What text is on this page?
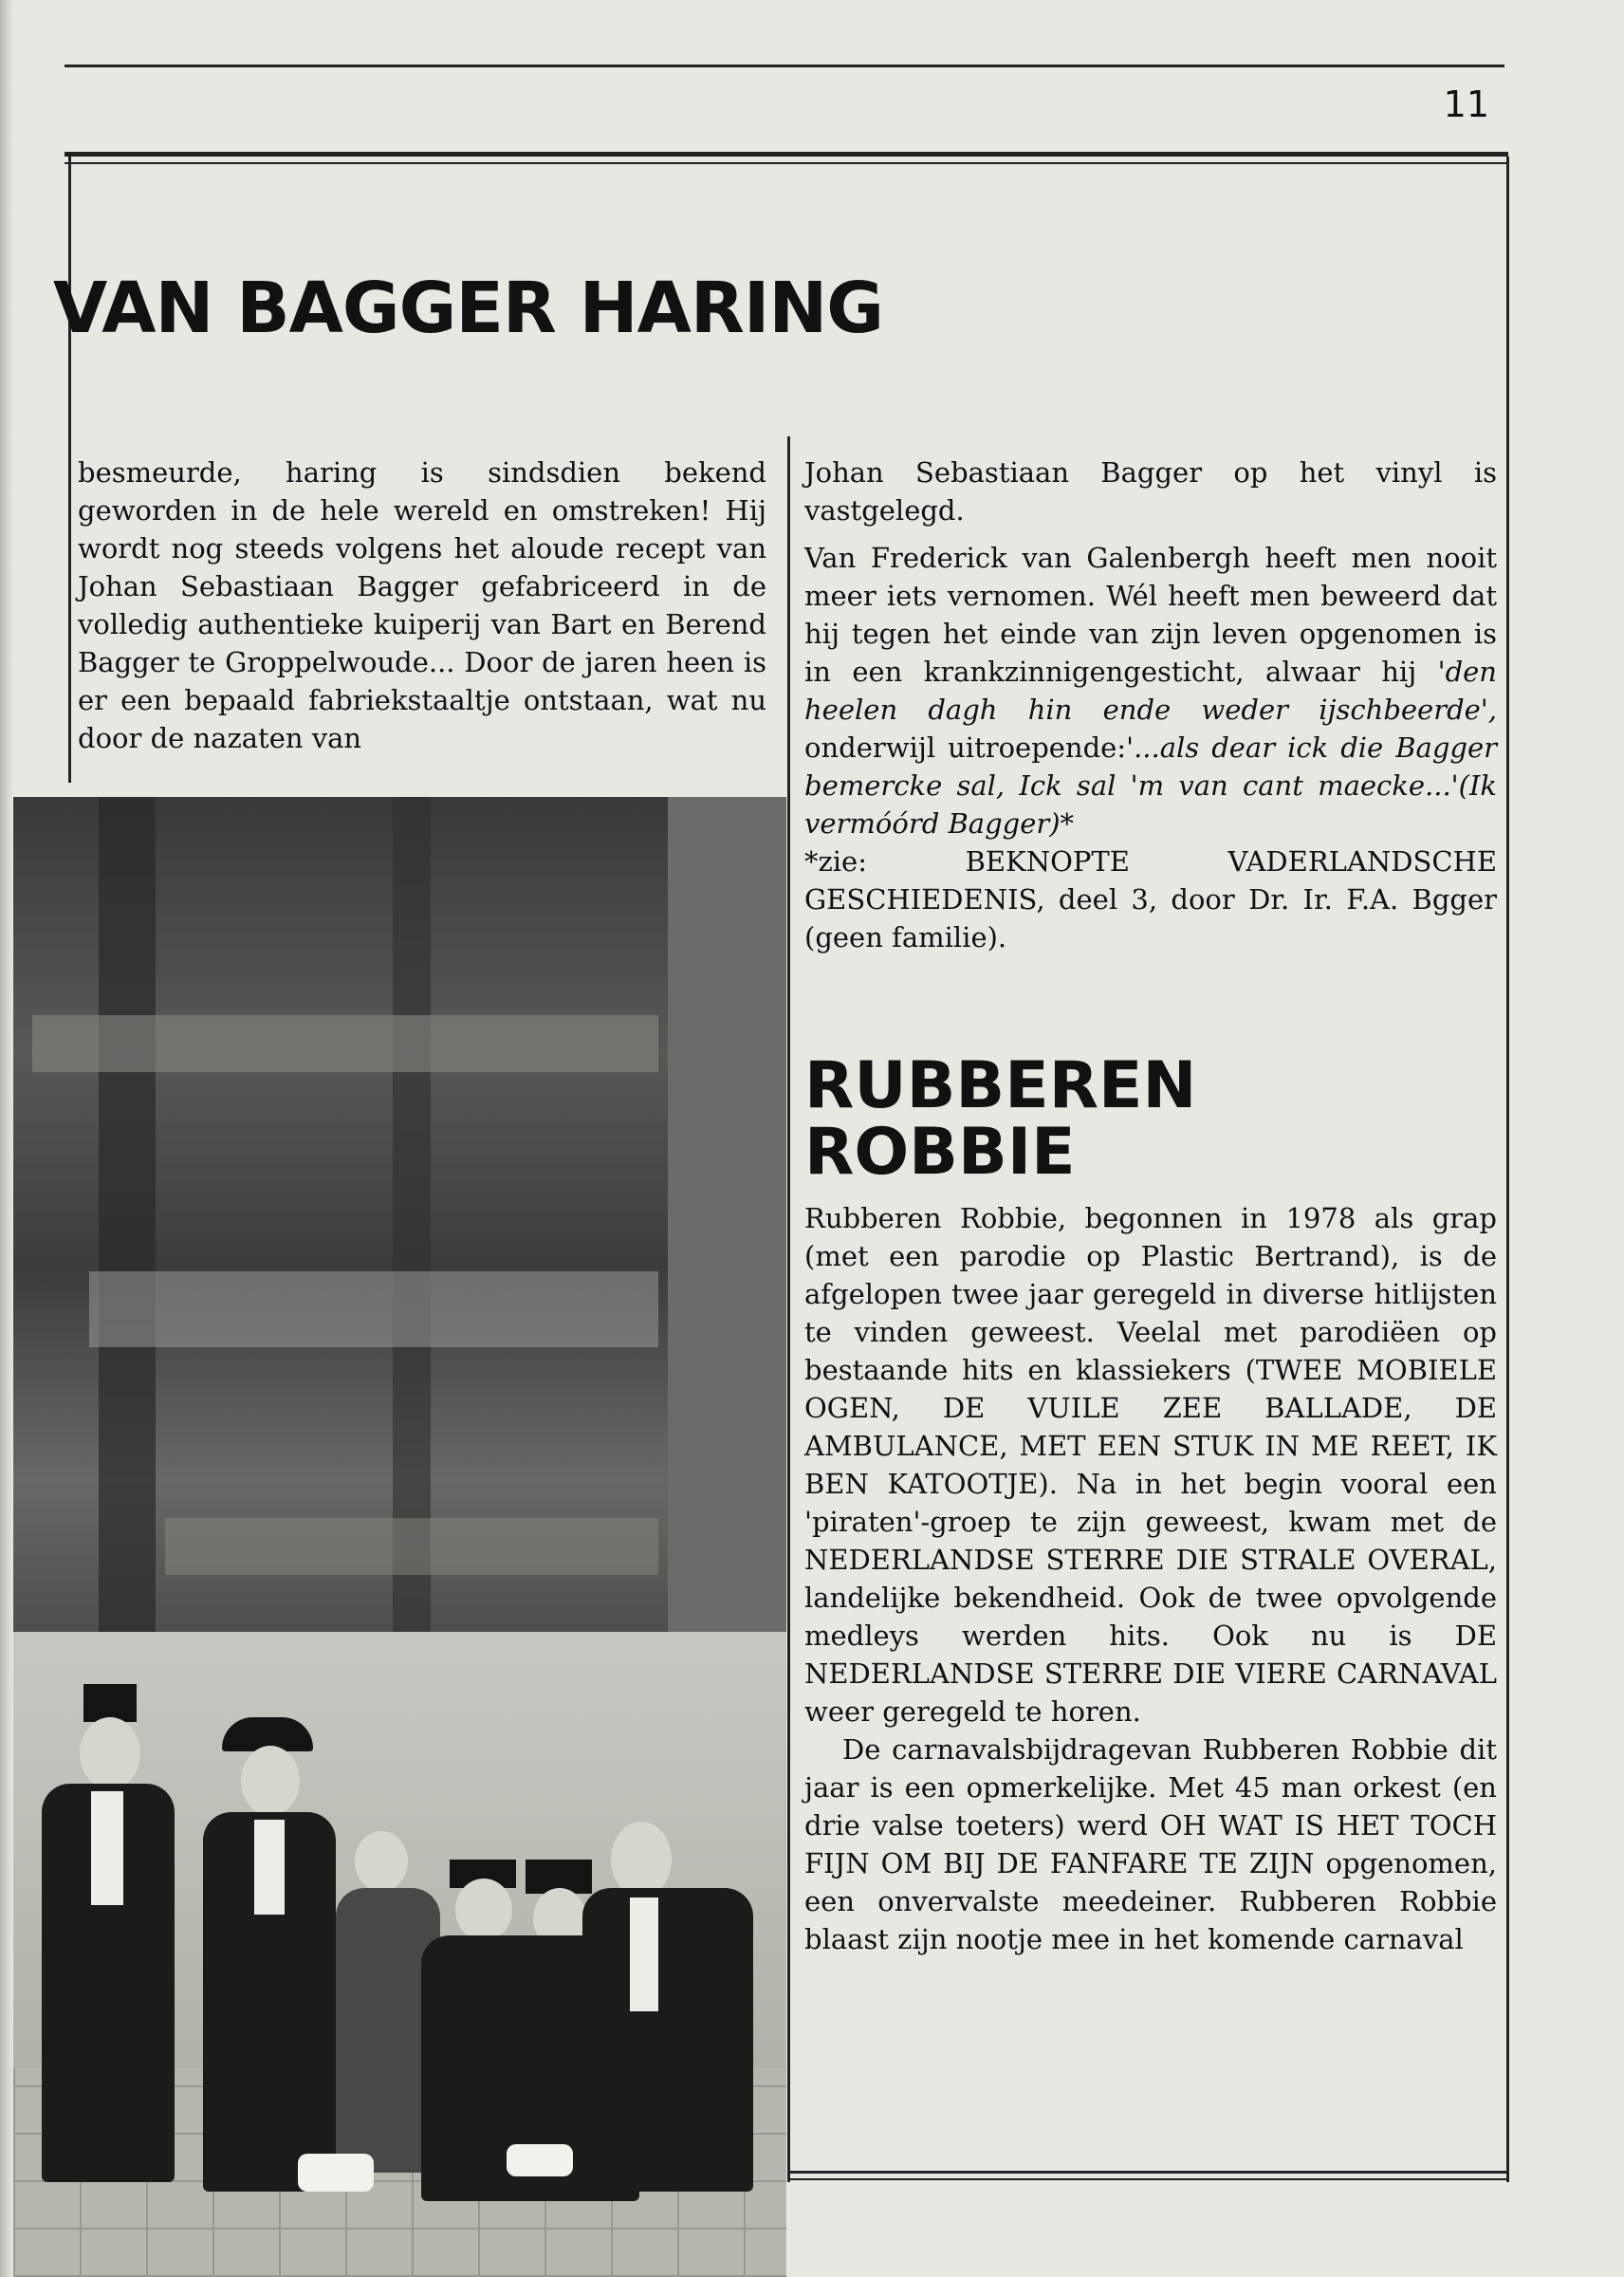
11
VAN BAGGER HARING

besmeurde, haring is sindsdien bekend geworden in de hele wereld en omstreken! Hij wordt nog steeds volgens het aloude recept van Johan Sebastiaan Bagger gefabriceerd in de volledig authentieke kuiperij van Bart en Berend Bagger te Groppelwoude... Door de jaren heen is er een bepaald fabriekstaaltje ontstaan, wat nu door de nazaten van

Johan Sebastiaan Bagger op het vinyl is vastgelegd.

Van Frederick van Galenbergh heeft men nooit meer iets vernomen. Wél heeft men beweerd dat hij tegen het einde van zijn leven opgenomen is in een krankzinnigengesticht, alwaar hij 'den heelen dagh hin ende weder ijschbeerde', onderwijl uitroepende:'...als dear ick die Bagger bemercke sal, Ick sal 'm van cant maecke...'(Ik vermóórd Bagger)*

*zie: BEKNOPTE VADERLANDSCHE GESCHIEDENIS, deel 3, door Dr. Ir. F.A. Bgger (geen familie).

RUBBEREN
ROBBIE

Rubberen Robbie, begonnen in 1978 als grap (met een parodie op Plastic Bertrand), is de afgelopen twee jaar geregeld in diverse hitlijsten te vinden geweest. Veelal met parodiëen op bestaande hits en klassiekers (TWEE MOBIELE OGEN, DE VUILE ZEE BALLADE, DE AMBULANCE, MET EEN STUK IN ME REET, IK BEN KATOOTJE). Na in het begin vooral een 'piraten'-groep te zijn geweest, kwam met de NEDERLANDSE STERRE DIE STRALE OVERAL, landelijke bekendheid. Ook de twee opvolgende medleys werden hits. Ook nu is DE NEDERLANDSE STERRE DIE VIERE CARNAVAL weer geregeld te horen.

De carnavalsbijdragevan Rubberen Robbie dit jaar is een opmerkelijke. Met 45 man orkest (en drie valse toeters) werd OH WAT IS HET TOCH FIJN OM BIJ DE FANFARE TE ZIJN opgenomen, een onvervalste meedeiner. Rubberen Robbie blaast zijn nootje mee in het komende carnaval
